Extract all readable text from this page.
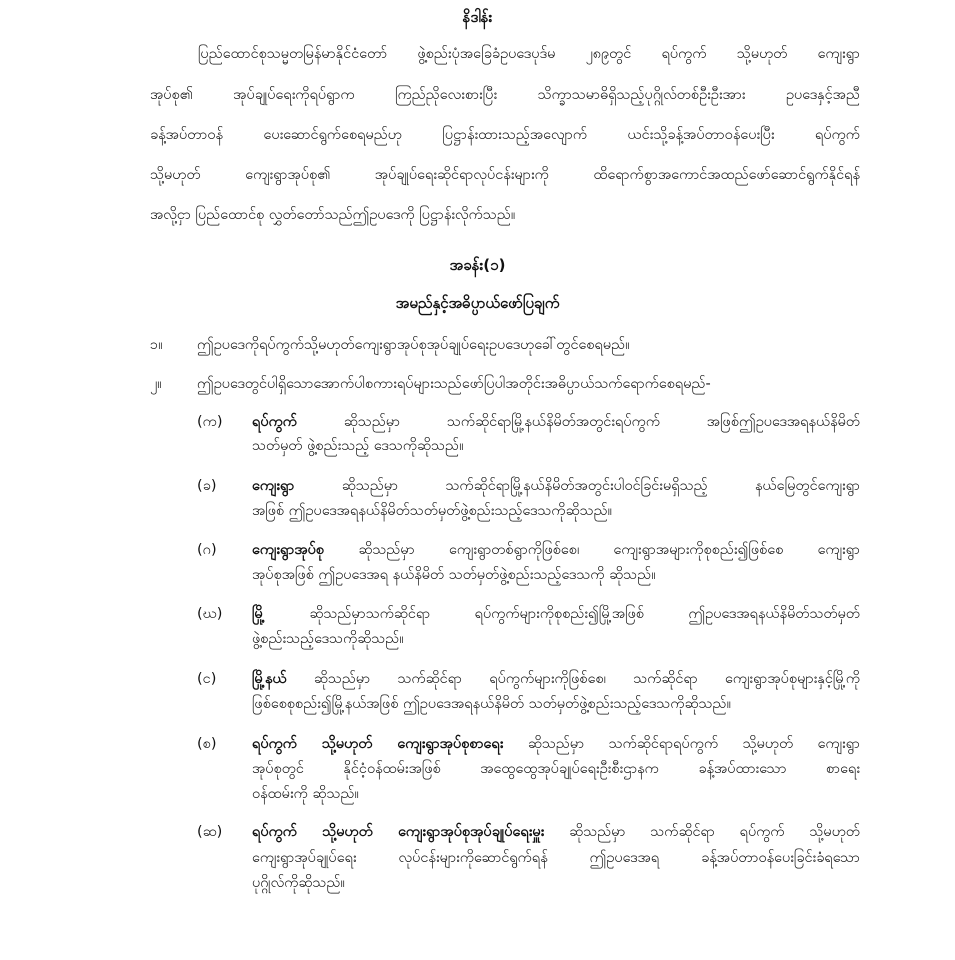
နိဒါန်း
ပြည်ထောင်စုသမ္မတမြန်မာနိုင်ငံတော် ဖွဲ့စည်းပုံအခြေခံဥပဒေပုဒ်မ ၂၈၉တွင် ရပ်ကွက် သို့မဟုတ် ကျေးရွာ
အုပ်စု၏ အုပ်ချုပ်ရေးကိုရပ်ရွာက ကြည်ညိုလေးစားပြီး သိက္ခာသမာဓိရှိသည့်ပုဂ္ဂိုလ်တစ်ဦးဦးအား ဥပဒေနှင့်အညီ
ခန့်အပ်တာဝန် ပေးဆောင်ရွက်စေရမည်ဟု ပြဋ္ဌာန်းထားသည့်အလျောက် ယင်းသို့ခန့်အပ်တာဝန်ပေးပြီး ရပ်ကွက်
သို့မဟုတ် ကျေးရွာအုပ်စု၏ အုပ်ချုပ်ရေးဆိုင်ရာလုပ်ငန်းများကို ထိရောက်စွာအကောင်အထည်ဖော်ဆောင်ရွက်နိုင်ရန်
အလို့ငှာ ပြည်ထောင်စု လွှတ်တော်သည်ဤဥပဒေကို ပြဋ္ဌာန်းလိုက်သည်။
အခန်း(၁)
အမည်နှင့်အဓိပ္ပာယ်ဖော်ပြချက်
၁။ ဤဥပဒေကိုရပ်ကွက်သို့မဟုတ်ကျေးရွာအုပ်စုအုပ်ချုပ်ရေးဥပဒေဟုခေါ်တွင်စေရမည်။
၂။ ဤဥပဒေတွင်ပါရှိသောအောက်ပါစကားရပ်များသည်ဖော်ပြပါအတိုင်းအဓိပ္ပာယ်သက်ရောက်စေရမည်-
(က) ရပ်ကွက်	ဆိုသည်မှာ သက်ဆိုင်ရာမြို့နယ်နိမိတ်အတွင်းရပ်ကွက် အဖြစ်ဤဥပဒေအရနယ်နိမိတ်
သတ်မှတ် ဖွဲ့စည်းသည့် ဒေသကိုဆိုသည်။
(ခ) ကျေးရွာ	ဆိုသည်မှာ သက်ဆိုင်ရာမြို့နယ်နိမိတ်အတွင်းပါဝင်ခြင်းမရှိသည့် နယ်မြေတွင်ကျေးရွာ
အဖြစ် ဤဥပဒေအရနယ်နိမိတ်သတ်မှတ်ဖွဲ့စည်းသည့်ဒေသကိုဆိုသည်။
(ဂ) ကျေးရွာအုပ်စု ဆိုသည်မှာ ကျေးရွာတစ်ရွာကိုဖြစ်စေ၊ ကျေးရွာအများကိုစုစည်း၍ဖြစ်စေ ကျေးရွာ
အုပ်စုအဖြစ် ဤဥပဒေအရ နယ်နိမိတ် သတ်မှတ်ဖွဲ့စည်းသည့်ဒေသကို ဆိုသည်။
(ဃ) မြို့	ဆိုသည်မှာသက်ဆိုင်ရာ ရပ်ကွက်များကိုစုစည်း၍မြို့အဖြစ် ဤဥပဒေအရနယ်နိမိတ်သတ်မှတ်
ဖွဲ့စည်းသည့်ဒေသကိုဆိုသည်။
(င) မြို့နယ် ဆိုသည်မှာ သက်ဆိုင်ရာ ရပ်ကွက်များကိုဖြစ်စေ၊ သက်ဆိုင်ရာ ကျေးရွာအုပ်စုများနှင့်မြို့ကို
ဖြစ်စေစုစည်း၍မြို့နယ်အဖြစ် ဤဥပဒေအရနယ်နိမိတ် သတ်မှတ်ဖွဲ့စည်းသည့်ဒေသကိုဆိုသည်။
(စ) ရပ်ကွက် သို့မဟုတ် ကျေးရွာအုပ်စုစာရေး ဆိုသည်မှာ သက်ဆိုင်ရာရပ်ကွက် သို့မဟုတ် ကျေးရွာ
အုပ်စုတွင် နိုင်ငံ့ဝန်ထမ်းအဖြစ် အထွေထွေအုပ်ချုပ်ရေးဦးစီးဌာနက ခန့်အပ်ထားသော စာရေး
ဝန်ထမ်းကို ဆိုသည်။
(ဆ) ရပ်ကွက် သို့မဟုတ် ကျေးရွာအုပ်စုအုပ်ချုပ်ရေးမှူး ဆိုသည်မှာ သက်ဆိုင်ရာ ရပ်ကွက် သို့မဟုတ်
ကျေးရွာအုပ်ချုပ်ရေး လုပ်ငန်းများကိုဆောင်ရွက်ရန် ဤဥပဒေအရ ခန့်အပ်တာဝန်ပေးခြင်းခံရသော
ပုဂ္ဂိုလ်ကိုဆိုသည်။
